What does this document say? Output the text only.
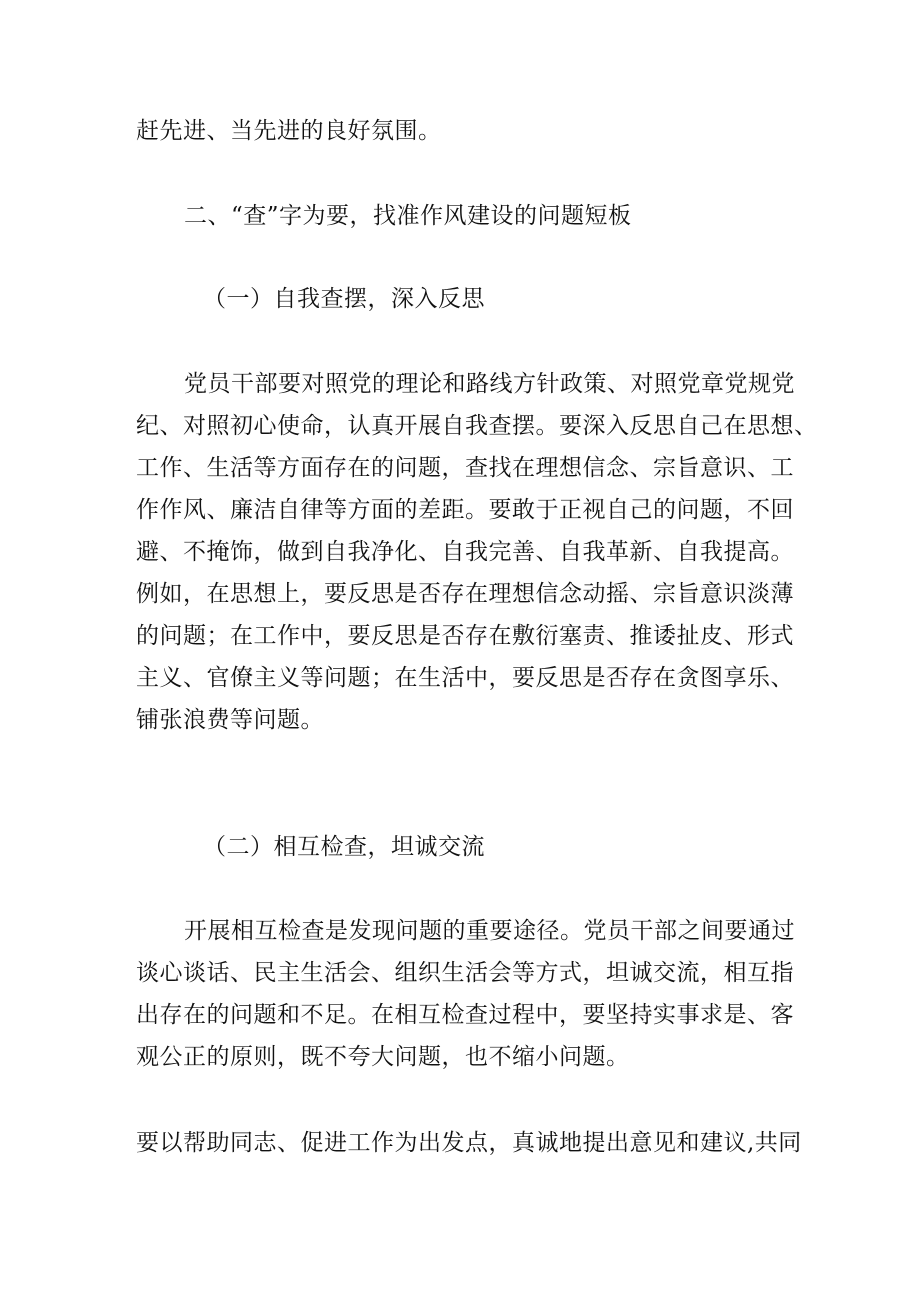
赶先进、当先进的良好氛围。

二、“查”字为要，找准作风建设的问题短板

（一）自我查摆，深入反思

党员干部要对照党的理论和路线方针政策、对照党章党规党

纪、对照初心使命，认真开展自我查摆。要深入反思自己在思想、

工作、生活等方面存在的问题，查找在理想信念、宗旨意识、工

作作风、廉洁自律等方面的差距。要敢于正视自己的问题，不回

避、不掩饰，做到自我净化、自我完善、自我革新、自我提高。

例如，在思想上，要反思是否存在理想信念动摇、宗旨意识淡薄

的问题；在工作中，要反思是否存在敷衍塞责、推诿扯皮、形式

主义、官僚主义等问题；在生活中，要反思是否存在贪图享乐、

铺张浪费等问题。

（二）相互检查，坦诚交流

开展相互检查是发现问题的重要途径。党员干部之间要通过

谈心谈话、民主生活会、组织生活会等方式，坦诚交流，相互指

出存在的问题和不足。在相互检查过程中，要坚持实事求是、客

观公正的原则，既不夸大问题，也不缩小问题。

要以帮助同志、促进工作为出发点，真诚地提出意见和建议,共同
